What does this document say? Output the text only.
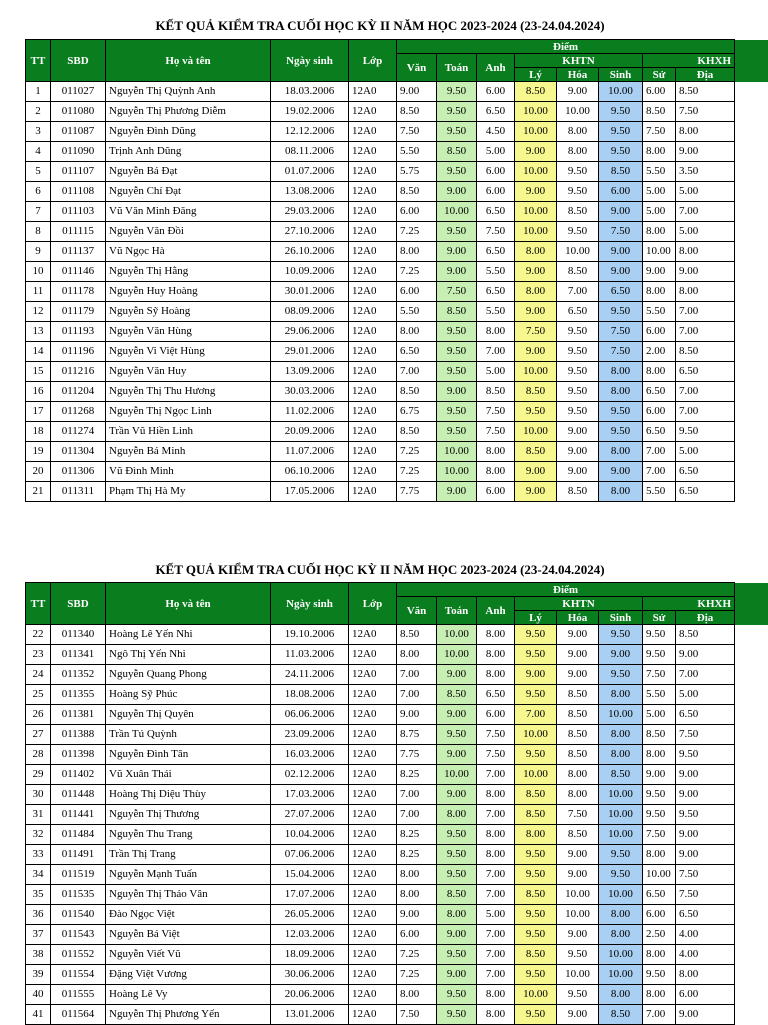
KẾT QUẢ KIỂM TRA CUỐI HỌC KỲ II NĂM HỌC 2023-2024 (23-24.04.2024)
TT	SBD	Họ và tên	Ngày sinh	Lớp	Điểm							
					Văn	Toán	Anh	KHTN			KHXH	
								Lý	Hóa	Sinh	Sử	Địa
1	011027	Nguyễn Thị Quỳnh Anh	18.03.2006	12A0	9.00	9.50	6.00	8.50	9.00	10.00	6.00	8.50
2	011080	Nguyễn Thị Phương Diễm	19.02.2006	12A0	8.50	9.50	6.50	10.00	10.00	9.50	8.50	7.50
3	011087	Nguyễn Đình Dũng	12.12.2006	12A0	7.50	9.50	4.50	10.00	8.00	9.50	7.50	8.00
4	011090	Trịnh Anh Dũng	08.11.2006	12A0	5.50	8.50	5.00	9.00	8.00	9.50	8.00	9.00
5	011107	Nguyễn Bá Đạt	01.07.2006	12A0	5.75	9.50	6.00	10.00	9.50	8.50	5.50	3.50
6	011108	Nguyễn Chí Đạt	13.08.2006	12A0	8.50	9.00	6.00	9.00	9.50	6.00	5.00	5.00
7	011103	Vũ Văn Minh Đăng	29.03.2006	12A0	6.00	10.00	6.50	10.00	8.50	9.00	5.00	7.00
8	011115	Nguyễn Văn Đồi	27.10.2006	12A0	7.25	9.50	7.50	10.00	9.50	7.50	8.00	5.00
9	011137	Vũ Ngọc Hà	26.10.2006	12A0	8.00	9.00	6.50	8.00	10.00	9.00	10.00	8.00
10	011146	Nguyễn Thị Hằng	10.09.2006	12A0	7.25	9.00	5.50	9.00	8.50	9.00	9.00	9.00
11	011178	Nguyễn Huy Hoàng	30.01.2006	12A0	6.00	7.50	6.50	8.00	7.00	6.50	8.00	8.00
12	011179	Nguyễn Sỹ Hoàng	08.09.2006	12A0	5.50	8.50	5.50	9.00	6.50	9.50	5.50	7.00
13	011193	Nguyễn Văn Hùng	29.06.2006	12A0	8.00	9.50	8.00	7.50	9.50	7.50	6.00	7.00
14	011196	Nguyễn Vi Việt Hùng	29.01.2006	12A0	6.50	9.50	7.00	9.00	9.50	7.50	2.00	8.50
15	011216	Nguyễn Văn Huy	13.09.2006	12A0	7.00	9.50	5.00	10.00	9.50	8.00	8.00	6.50
16	011204	Nguyễn Thị Thu Hương	30.03.2006	12A0	8.50	9.00	8.50	8.50	9.50	8.00	6.50	7.00
17	011268	Nguyễn Thị Ngọc Linh	11.02.2006	12A0	6.75	9.50	7.50	9.50	9.50	9.50	6.00	7.00
18	011274	Trần Vũ Hiền Linh	20.09.2006	12A0	8.50	9.50	7.50	10.00	9.00	9.50	6.50	9.50
19	011304	Nguyễn Bá Minh	11.07.2006	12A0	7.25	10.00	8.00	8.50	9.00	8.00	7.00	5.00
20	011306	Vũ Đình Minh	06.10.2006	12A0	7.25	10.00	8.00	9.00	9.00	9.00	7.00	6.50
21	011311	Phạm Thị Hà My	17.05.2006	12A0	7.75	9.00	6.00	9.00	8.50	8.00	5.50	6.50
KẾT QUẢ KIỂM TRA CUỐI HỌC KỲ II NĂM HỌC 2023-2024 (23-24.04.2024)
TT	SBD	Họ và tên	Ngày sinh	Lớp	Điểm							
					Văn	Toán	Anh	KHTN			KHXH	
								Lý	Hóa	Sinh	Sử	Địa
22	011340	Hoàng Lê Yến Nhi	19.10.2006	12A0	8.50	10.00	8.00	9.50	9.00	9.50	9.50	8.50
23	011341	Ngô Thị Yến Nhi	11.03.2006	12A0	8.00	10.00	8.00	9.50	9.00	9.00	9.50	9.00
24	011352	Nguyễn Quang Phong	24.11.2006	12A0	7.00	9.00	8.00	9.00	9.00	9.50	7.50	7.00
25	011355	Hoàng Sỹ Phúc	18.08.2006	12A0	7.00	8.50	6.50	9.50	8.50	8.00	5.50	5.00
26	011381	Nguyễn Thị Quyên	06.06.2006	12A0	9.00	9.00	6.00	7.00	8.50	10.00	5.00	6.50
27	011388	Trần Tú Quỳnh	23.09.2006	12A0	8.75	9.50	7.50	10.00	8.50	8.00	8.50	7.50
28	011398	Nguyễn Đình Tân	16.03.2006	12A0	7.75	9.00	7.50	9.50	8.50	8.00	8.00	9.50
29	011402	Vũ Xuân Thái	02.12.2006	12A0	8.25	10.00	7.00	10.00	8.00	8.50	9.00	9.00
30	011448	Hoàng Thị Diệu Thùy	17.03.2006	12A0	7.00	9.00	8.00	8.50	8.00	10.00	9.50	9.00
31	011441	Nguyễn Thị Thương	27.07.2006	12A0	7.00	8.00	7.00	8.50	7.50	10.00	9.50	9.50
32	011484	Nguyễn Thu Trang	10.04.2006	12A0	8.25	9.50	8.00	8.00	8.50	10.00	7.50	9.00
33	011491	Trần Thị Trang	07.06.2006	12A0	8.25	9.50	8.00	9.50	9.00	9.50	8.00	9.00
34	011519	Nguyễn Mạnh Tuấn	15.04.2006	12A0	8.00	9.50	7.00	9.50	9.00	9.50	10.00	7.50
35	011535	Nguyễn Thị Thảo Vân	17.07.2006	12A0	8.00	8.50	7.00	8.50	10.00	10.00	6.50	7.50
36	011540	Đào Ngọc Việt	26.05.2006	12A0	9.00	8.00	5.00	9.50	10.00	8.00	6.00	6.50
37	011543	Nguyễn Bá Việt	12.03.2006	12A0	6.00	9.00	7.00	9.50	9.00	8.00	2.50	4.00
38	011552	Nguyễn Viết Vũ	18.09.2006	12A0	7.25	9.50	7.00	8.50	9.50	10.00	8.00	4.00
39	011554	Đặng Việt Vương	30.06.2006	12A0	7.25	9.00	7.00	9.50	10.00	10.00	9.50	8.00
40	011555	Hoàng Lê Vy	20.06.2006	12A0	8.00	9.50	8.00	10.00	9.50	8.00	8.00	6.00
41	011564	Nguyễn Thị Phương Yến	13.01.2006	12A0	7.50	9.50	8.00	9.50	9.00	8.50	7.00	9.00
